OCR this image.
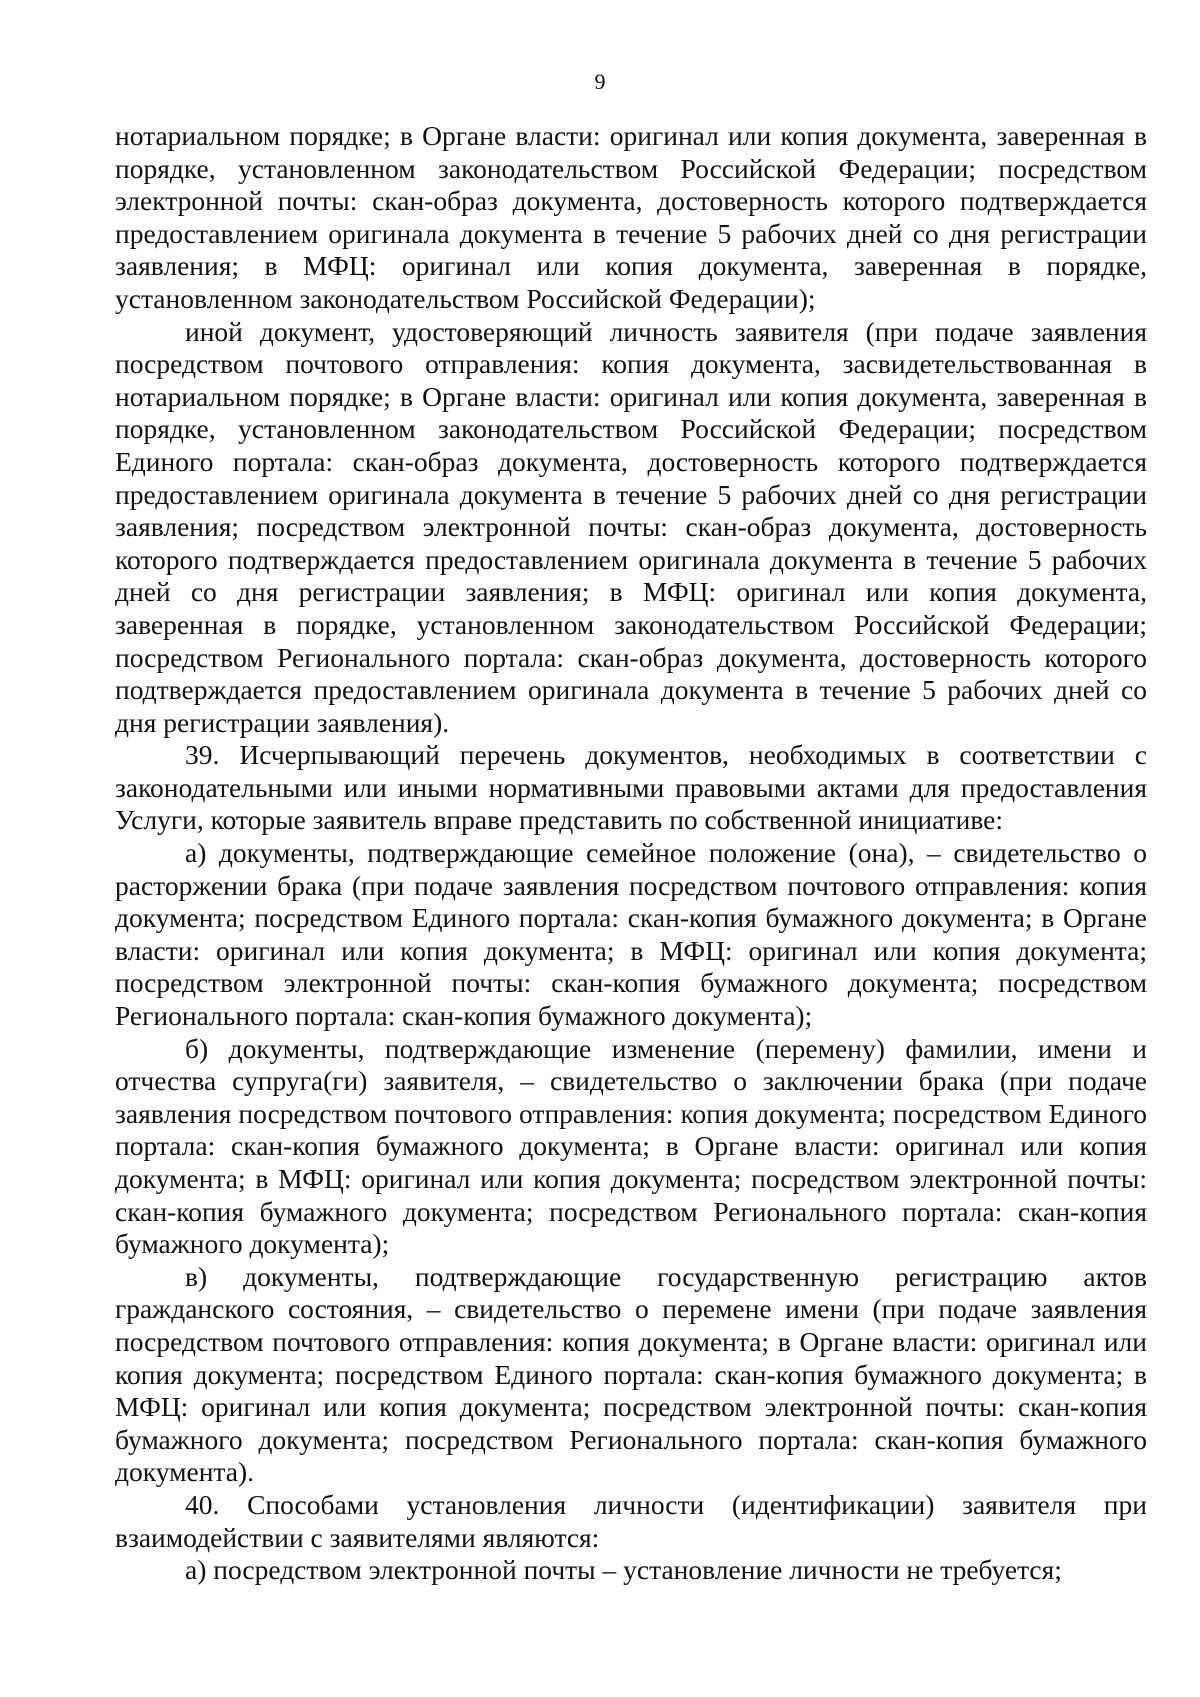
9

нотариальном порядке; в Органе власти: оригинал или копия документа, заверенная в порядке, установленном законодательством Российской Федерации; посредством электронной почты: скан-образ документа, достоверность которого подтверждается предоставлением оригинала документа в течение 5 рабочих дней со дня регистрации заявления; в МФЦ: оригинал или копия документа, заверенная в порядке, установленном законодательством Российской Федерации);

иной документ, удостоверяющий личность заявителя (при подаче заявления посредством почтового отправления: копия документа, засвидетельствованная в нотариальном порядке; в Органе власти: оригинал или копия документа, заверенная в порядке, установленном законодательством Российской Федерации; посредством Единого портала: скан-образ документа, достоверность которого подтверждается предоставлением оригинала документа в течение 5 рабочих дней со дня регистрации заявления; посредством электронной почты: скан-образ документа, достоверность которого подтверждается предоставлением оригинала документа в течение 5 рабочих дней со дня регистрации заявления; в МФЦ: оригинал или копия документа, заверенная в порядке, установленном законодательством Российской Федерации; посредством Регионального портала: скан-образ документа, достоверность которого подтверждается предоставлением оригинала документа в течение 5 рабочих дней со дня регистрации заявления).

39. Исчерпывающий перечень документов, необходимых в соответствии с законодательными или иными нормативными правовыми актами для предоставления Услуги, которые заявитель вправе представить по собственной инициативе:

а) документы, подтверждающие семейное положение (она), – свидетельство о расторжении брака (при подаче заявления посредством почтового отправления: копия документа; посредством Единого портала: скан-копия бумажного документа; в Органе власти: оригинал или копия документа; в МФЦ: оригинал или копия документа; посредством электронной почты: скан-копия бумажного документа; посредством Регионального портала: скан-копия бумажного документа);

б) документы, подтверждающие изменение (перемену) фамилии, имени и отчества супруга(ги) заявителя, – свидетельство о заключении брака (при подаче заявления посредством почтового отправления: копия документа; посредством Единого портала: скан-копия бумажного документа; в Органе власти: оригинал или копия документа; в МФЦ: оригинал или копия документа; посредством электронной почты: скан-копия бумажного документа; посредством Регионального портала: скан-копия бумажного документа);

в) документы, подтверждающие государственную регистрацию актов гражданского состояния, – свидетельство о перемене имени (при подаче заявления посредством почтового отправления: копия документа; в Органе власти: оригинал или копия документа; посредством Единого портала: скан-копия бумажного документа; в МФЦ: оригинал или копия документа; посредством электронной почты: скан-копия бумажного документа; посредством Регионального портала: скан-копия бумажного документа).

40. Способами установления личности (идентификации) заявителя при взаимодействии с заявителями являются:

а) посредством электронной почты – установление личности не требуется;
